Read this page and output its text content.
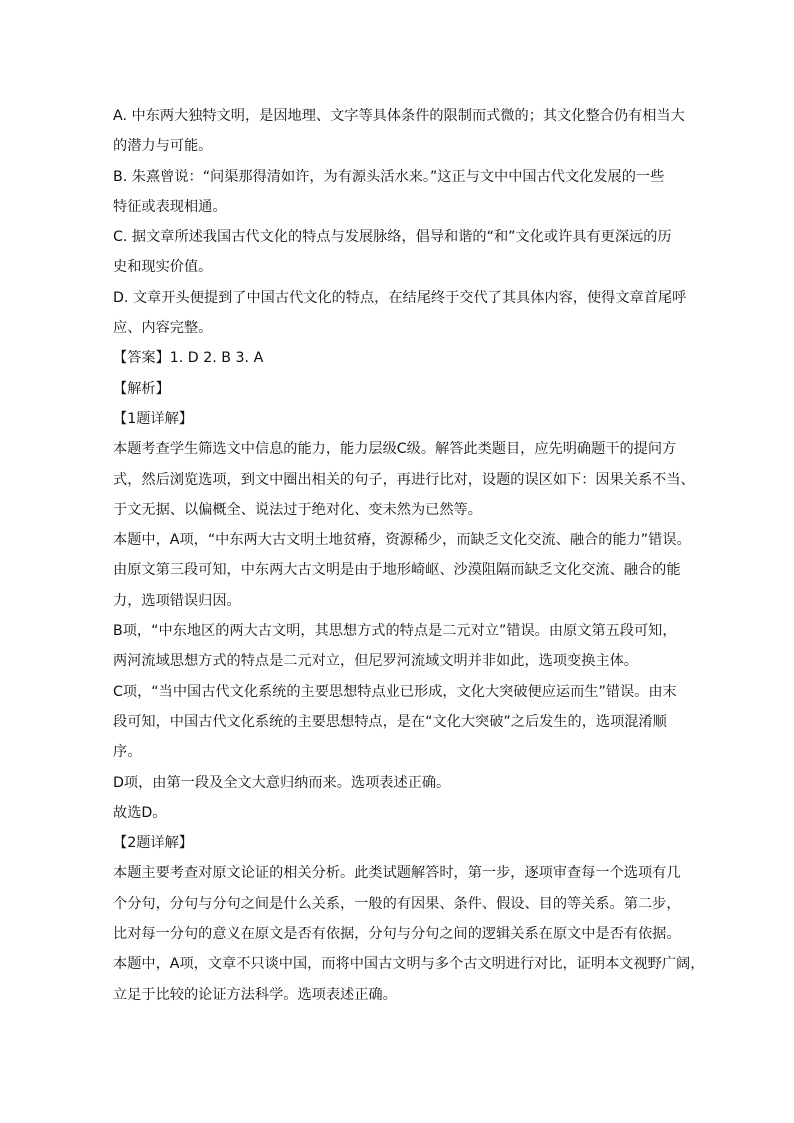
A. 中东两大独特文明，是因地理、文字等具体条件的限制而式微的；其文化整合仍有相当大
的潜力与可能。
B. 朱熹曾说：“问渠那得清如许，为有源头活水来。”这正与文中中国古代文化发展的一些
特征或表现相通。
C. 据文章所述我国古代文化的特点与发展脉络，倡导和谐的“和”文化或许具有更深远的历
史和现实价值。
D. 文章开头便提到了中国古代文化的特点，在结尾终于交代了其具体内容，使得文章首尾呼
应、内容完整。
【答案】1. D 2. B 3. A
【解析】
【1题详解】
本题考查学生筛选文中信息的能力，能力层级C级。解答此类题目，应先明确题干的提问方
式，然后浏览选项，到文中圈出相关的句子，再进行比对，设题的误区如下：因果关系不当、
于文无据、以偏概全、说法过于绝对化、变未然为已然等。
本题中，A项，“中东两大古文明土地贫瘠，资源稀少，而缺乏文化交流、融合的能力”错误。
由原文第三段可知，中东两大古文明是由于地形崎岖、沙漠阻隔而缺乏文化交流、融合的能
力，选项错误归因。
B项，“中东地区的两大古文明，其思想方式的特点是二元对立”错误。由原文第五段可知，
两河流域思想方式的特点是二元对立，但尼罗河流域文明并非如此，选项变换主体。
C项，“当中国古代文化系统的主要思想特点业已形成，文化大突破便应运而生”错误。由末
段可知，中国古代文化系统的主要思想特点，是在“文化大突破”之后发生的，选项混淆顺
序。
D项，由第一段及全文大意归纳而来。选项表述正确。
故选D。
【2题详解】
本题主要考查对原文论证的相关分析。此类试题解答时，第一步，逐项审查每一个选项有几
个分句，分句与分句之间是什么关系，一般的有因果、条件、假设、目的等关系。第二步，
比对每一分句的意义在原文是否有依据，分句与分句之间的逻辑关系在原文中是否有依据。
本题中，A项，文章不只谈中国，而将中国古文明与多个古文明进行对比，证明本文视野广阔，
立足于比较的论证方法科学。选项表述正确。
